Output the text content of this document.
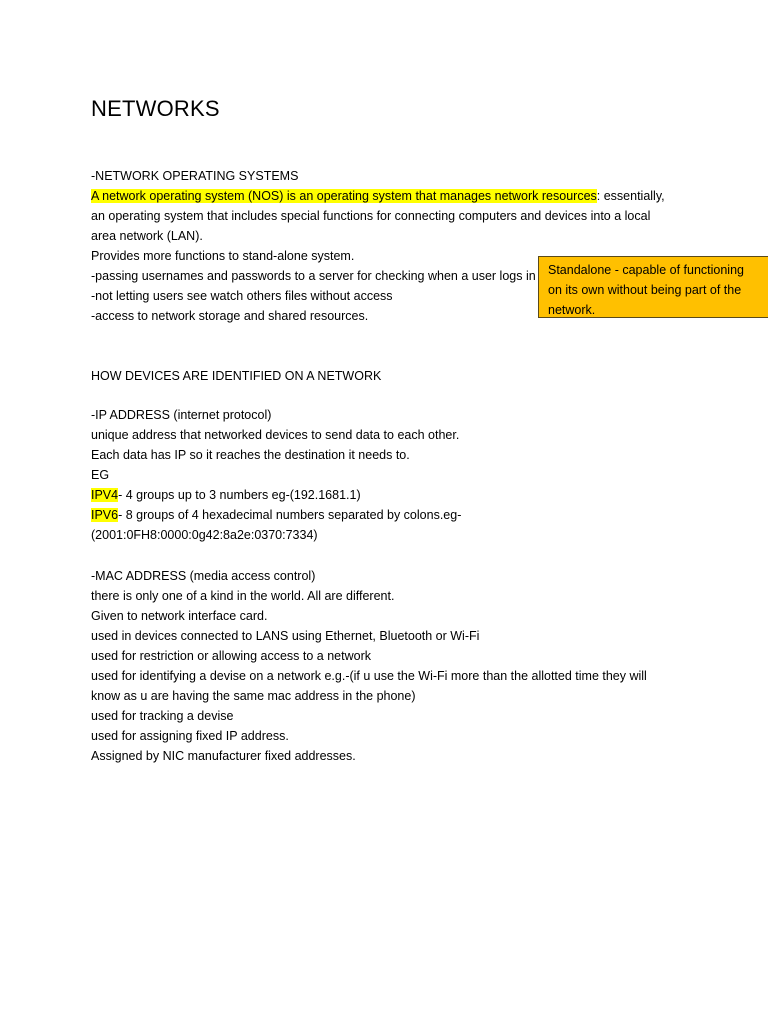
NETWORKS
-NETWORK OPERATING SYSTEMS
A network operating system (NOS) is an operating system that manages network resources: essentially,
an operating system that includes special functions for connecting computers and devices into a local
area network (LAN).
Provides more functions to stand-alone system.
-passing usernames and passwords to a server for checking when a user logs in
-not letting users see watch others files without access
-access to network storage and shared resources.
Standalone - capable of functioning on its own without being part of the network.
HOW DEVICES ARE IDENTIFIED ON A NETWORK
-IP ADDRESS (internet protocol)
unique address that networked devices to send data to each other.
Each data has IP so it reaches the destination it needs to.
EG
IPV4- 4 groups up to 3 numbers eg-(192.1681.1)
IPV6- 8 groups of 4 hexadecimal numbers separated by colons.eg-
(2001:0FH8:0000:0g42:8a2e:0370:7334)
-MAC ADDRESS (media access control)
there is only one of a kind in the world. All are different.
Given to network interface card.
used in devices connected to LANS using Ethernet, Bluetooth or Wi-Fi
used for restriction or allowing access to a network
used for identifying a devise on a network e.g.-(if u use the Wi-Fi more than the allotted time they will
know as u are having the same mac address in the phone)
used for tracking a devise
used for assigning fixed IP address.
Assigned by NIC manufacturer fixed addresses.
